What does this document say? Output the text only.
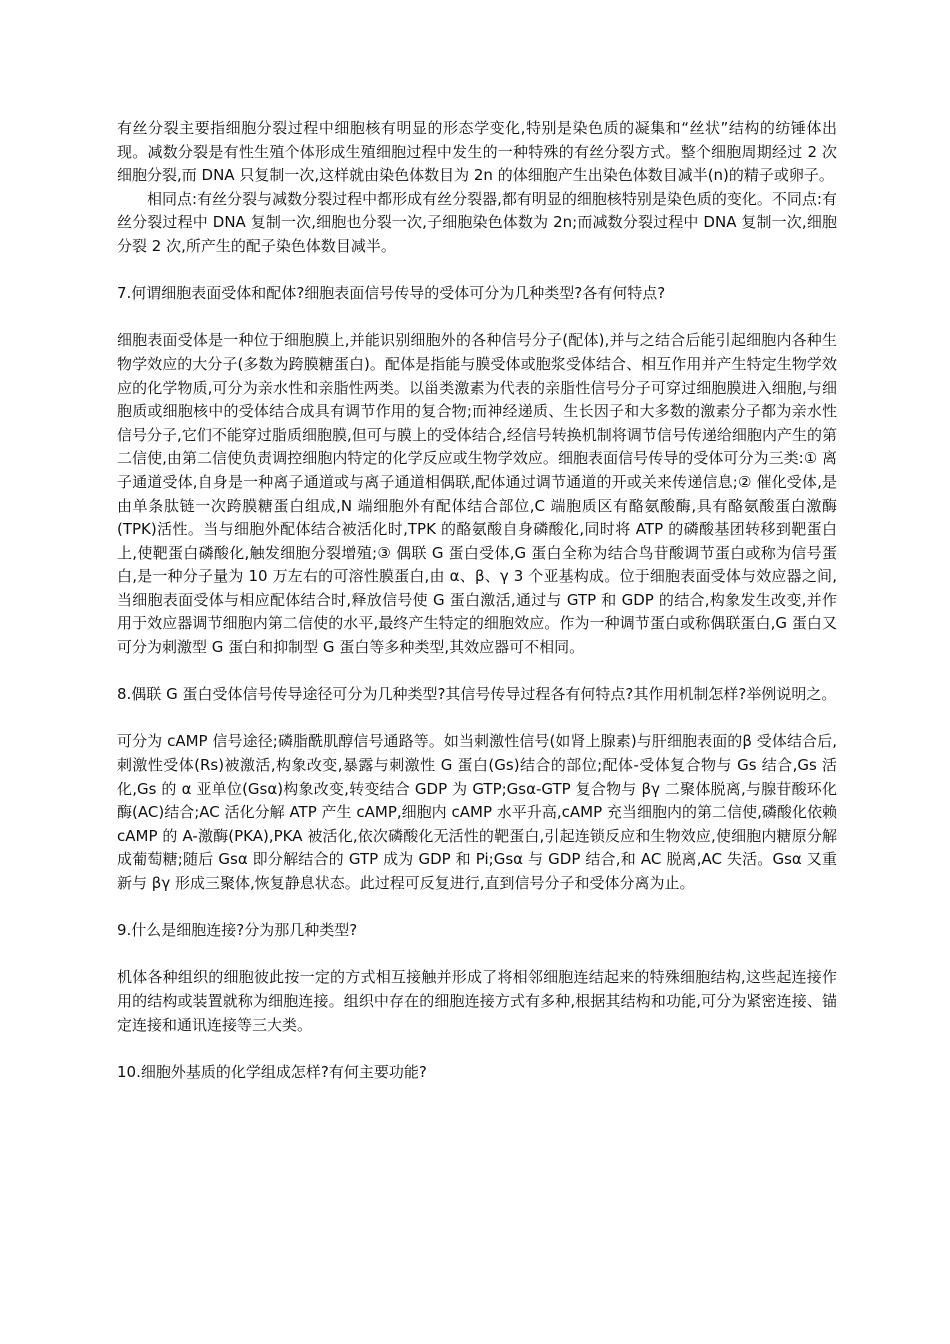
有丝分裂主要指细胞分裂过程中细胞核有明显的形态学变化,特别是染色质的凝集和“丝状”结构的纺锤体出现。减数分裂是有性生殖个体形成生殖细胞过程中发生的一种特殊的有丝分裂方式。整个细胞周期经过 2 次细胞分裂,而 DNA 只复制一次,这样就由染色体数目为 2n 的体细胞产生出染色体数目减半(n)的精子或卵子。

相同点:有丝分裂与减数分裂过程中都形成有丝分裂器,都有明显的细胞核特别是染色质的变化。不同点:有丝分裂过程中 DNA 复制一次,细胞也分裂一次,子细胞染色体数为 2n;而减数分裂过程中 DNA 复制一次,细胞分裂 2 次,所产生的配子染色体数目减半。

7.何谓细胞表面受体和配体?细胞表面信号传导的受体可分为几种类型?各有何特点?

细胞表面受体是一种位于细胞膜上,并能识别细胞外的各种信号分子(配体),并与之结合后能引起细胞内各种生物学效应的大分子(多数为跨膜糖蛋白)。配体是指能与膜受体或胞浆受体结合、相互作用并产生特定生物学效应的化学物质,可分为亲水性和亲脂性两类。以甾类激素为代表的亲脂性信号分子可穿过细胞膜进入细胞,与细胞质或细胞核中的受体结合成具有调节作用的复合物;而神经递质、生长因子和大多数的激素分子都为亲水性信号分子,它们不能穿过脂质细胞膜,但可与膜上的受体结合,经信号转换机制将调节信号传递给细胞内产生的第二信使,由第二信使负责调控细胞内特定的化学反应或生物学效应。细胞表面信号传导的受体可分为三类:① 离子通道受体,自身是一种离子通道或与离子通道相偶联,配体通过调节通道的开或关来传递信息;② 催化受体,是由单条肽链一次跨膜糖蛋白组成,N 端细胞外有配体结合部位,C 端胞质区有酪氨酸酶,具有酪氨酸蛋白激酶(TPK)活性。当与细胞外配体结合被活化时,TPK 的酪氨酸自身磷酸化,同时将 ATP 的磷酸基团转移到靶蛋白上,使靶蛋白磷酸化,触发细胞分裂增殖;③ 偶联 G 蛋白受体,G 蛋白全称为结合鸟苷酸调节蛋白或称为信号蛋白,是一种分子量为 10 万左右的可溶性膜蛋白,由 α、β、γ 3 个亚基构成。位于细胞表面受体与效应器之间,当细胞表面受体与相应配体结合时,释放信号使 G 蛋白激活,通过与 GTP 和 GDP 的结合,构象发生改变,并作用于效应器调节细胞内第二信使的水平,最终产生特定的细胞效应。作为一种调节蛋白或称偶联蛋白,G 蛋白又可分为刺激型 G 蛋白和抑制型 G 蛋白等多种类型,其效应器可不相同。

8.偶联 G 蛋白受体信号传导途径可分为几种类型?其信号传导过程各有何特点?其作用机制怎样?举例说明之。

可分为 cAMP 信号途径;磷脂酰肌醇信号通路等。如当刺激性信号(如肾上腺素)与肝细胞表面的β 受体结合后,刺激性受体(Rs)被激活,构象改变,暴露与刺激性 G 蛋白(Gs)结合的部位;配体-受体复合物与 Gs 结合,Gs 活化,Gs 的 α 亚单位(Gsα)构象改变,转变结合 GDP 为 GTP;Gsα-GTP 复合物与 βγ 二聚体脱离,与腺苷酸环化酶(AC)结合;AC 活化分解 ATP 产生 cAMP,细胞内 cAMP 水平升高,cAMP 充当细胞内的第二信使,磷酸化依赖 cAMP 的 A-激酶(PKA),PKA 被活化,依次磷酸化无活性的靶蛋白,引起连锁反应和生物效应,使细胞内糖原分解成葡萄糖;随后 Gsα 即分解结合的 GTP 成为 GDP 和 Pi;Gsα 与 GDP 结合,和 AC 脱离,AC 失活。Gsα 又重新与 βγ 形成三聚体,恢复静息状态。此过程可反复进行,直到信号分子和受体分离为止。

9.什么是细胞连接?分为那几种类型?

机体各种组织的细胞彼此按一定的方式相互接触并形成了将相邻细胞连结起来的特殊细胞结构,这些起连接作用的结构或装置就称为细胞连接。组织中存在的细胞连接方式有多种,根据其结构和功能,可分为紧密连接、锚定连接和通讯连接等三大类。

10.细胞外基质的化学组成怎样?有何主要功能?
